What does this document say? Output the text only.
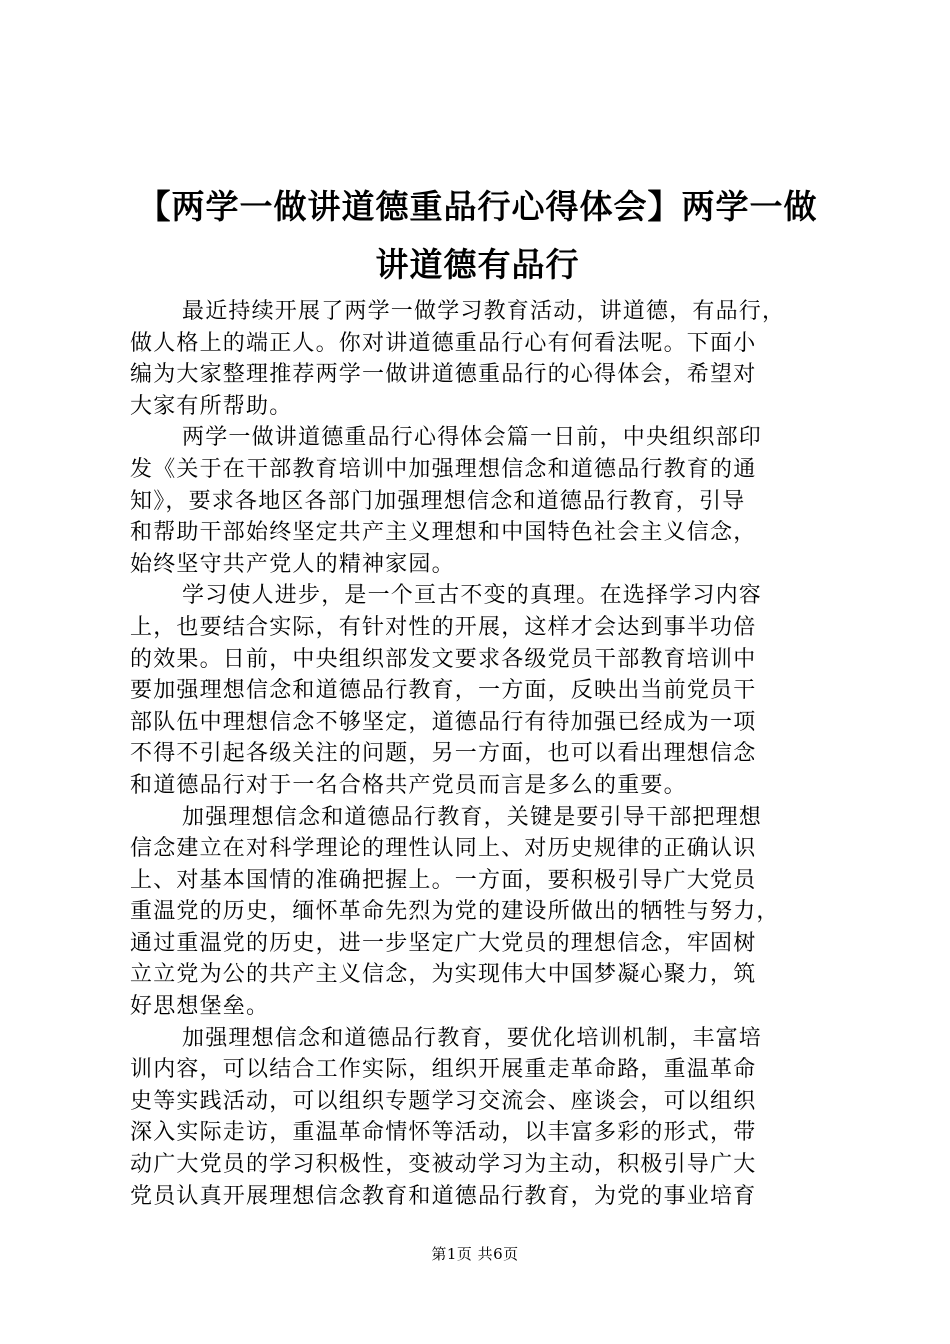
【两学一做讲道德重品行心得体会】两学一做
讲道德有品行

最近持续开展了两学一做学习教育活动，讲道德，有品行，
做人格上的端正人。你对讲道德重品行心有何看法呢。下面小
编为大家整理推荐两学一做讲道德重品行的心得体会，希望对
大家有所帮助。

两学一做讲道德重品行心得体会篇一日前，中央组织部印
发《关于在干部教育培训中加强理想信念和道德品行教育的通
知》，要求各地区各部门加强理想信念和道德品行教育，引导
和帮助干部始终坚定共产主义理想和中国特色社会主义信念，
始终坚守共产党人的精神家园。

学习使人进步，是一个亘古不变的真理。在选择学习内容
上，也要结合实际，有针对性的开展，这样才会达到事半功倍
的效果。日前，中央组织部发文要求各级党员干部教育培训中
要加强理想信念和道德品行教育，一方面，反映出当前党员干
部队伍中理想信念不够坚定，道德品行有待加强已经成为一项
不得不引起各级关注的问题，另一方面，也可以看出理想信念
和道德品行对于一名合格共产党员而言是多么的重要。

加强理想信念和道德品行教育，关键是要引导干部把理想
信念建立在对科学理论的理性认同上、对历史规律的正确认识
上、对基本国情的准确把握上。一方面，要积极引导广大党员
重温党的历史，缅怀革命先烈为党的建设所做出的牺牲与努力，
通过重温党的历史，进一步坚定广大党员的理想信念，牢固树
立立党为公的共产主义信念，为实现伟大中国梦凝心聚力，筑
好思想堡垒。

加强理想信念和道德品行教育，要优化培训机制，丰富培
训内容，可以结合工作实际，组织开展重走革命路，重温革命
史等实践活动，可以组织专题学习交流会、座谈会，可以组织
深入实际走访，重温革命情怀等活动，以丰富多彩的形式，带
动广大党员的学习积极性，变被动学习为主动，积极引导广大
党员认真开展理想信念教育和道德品行教育，为党的事业培育

第1页 共6页
